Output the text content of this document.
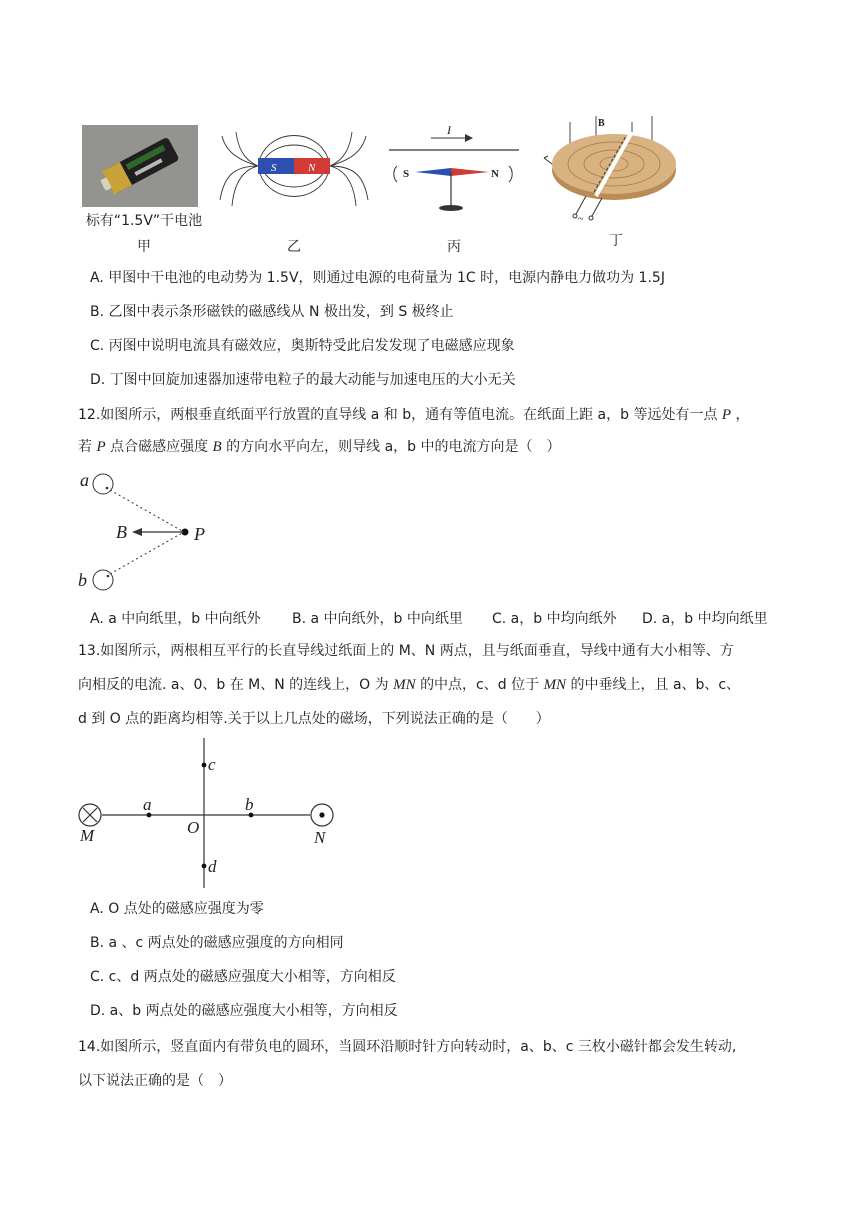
标有“1.5V”干电池
甲
S	N
乙
I
S	N
丙
B
~
丁
A. 甲图中干电池的电动势为 1.5V，则通过电源的电荷量为 1C 时，电源内静电力做功为 1.5J
B. 乙图中表示条形磁铁的磁感线从 N 极出发，到 S 极终止
C. 丙图中说明电流具有磁效应，奥斯特受此启发发现了电磁感应现象
D. 丁图中回旋加速器加速带电粒子的最大动能与加速电压的大小无关
12.如图所示，两根垂直纸面平行放置的直导线 a 和 b，通有等值电流。在纸面上距 a，b 等远处有一点 P ，
若 P 点合磁感应强度 B 的方向水平向左，则导线 a，b 中的电流方向是（　）
a
b
B	P
A. a 中向纸里，b 中向纸外 B. a 中向纸外，b 中向纸里 C. a，b 中均向纸外 D. a，b 中均向纸里
13.如图所示，两根相互平行的长直导线过纸面上的 M、N 两点，且与纸面垂直，导线中通有大小相等、方
向相反的电流. a、0、b 在 M、N 的连线上，O 为 MN 的中点，c、d 位于 MN 的中垂线上，且 a、b、c、
d 到 O 点的距离均相等.关于以上几点处的磁场，下列说法正确的是（　　）
M	N
O
a	b
c
d
A. O 点处的磁感应强度为零
B. a 、c 两点处的磁感应强度的方向相同
C. c、d 两点处的磁感应强度大小相等，方向相反
D. a、b 两点处的磁感应强度大小相等，方向相反
14.如图所示，竖直面内有带负电的圆环，当圆环沿顺时针方向转动时，a、b、c 三枚小磁针都会发生转动,
以下说法正确的是（　）
